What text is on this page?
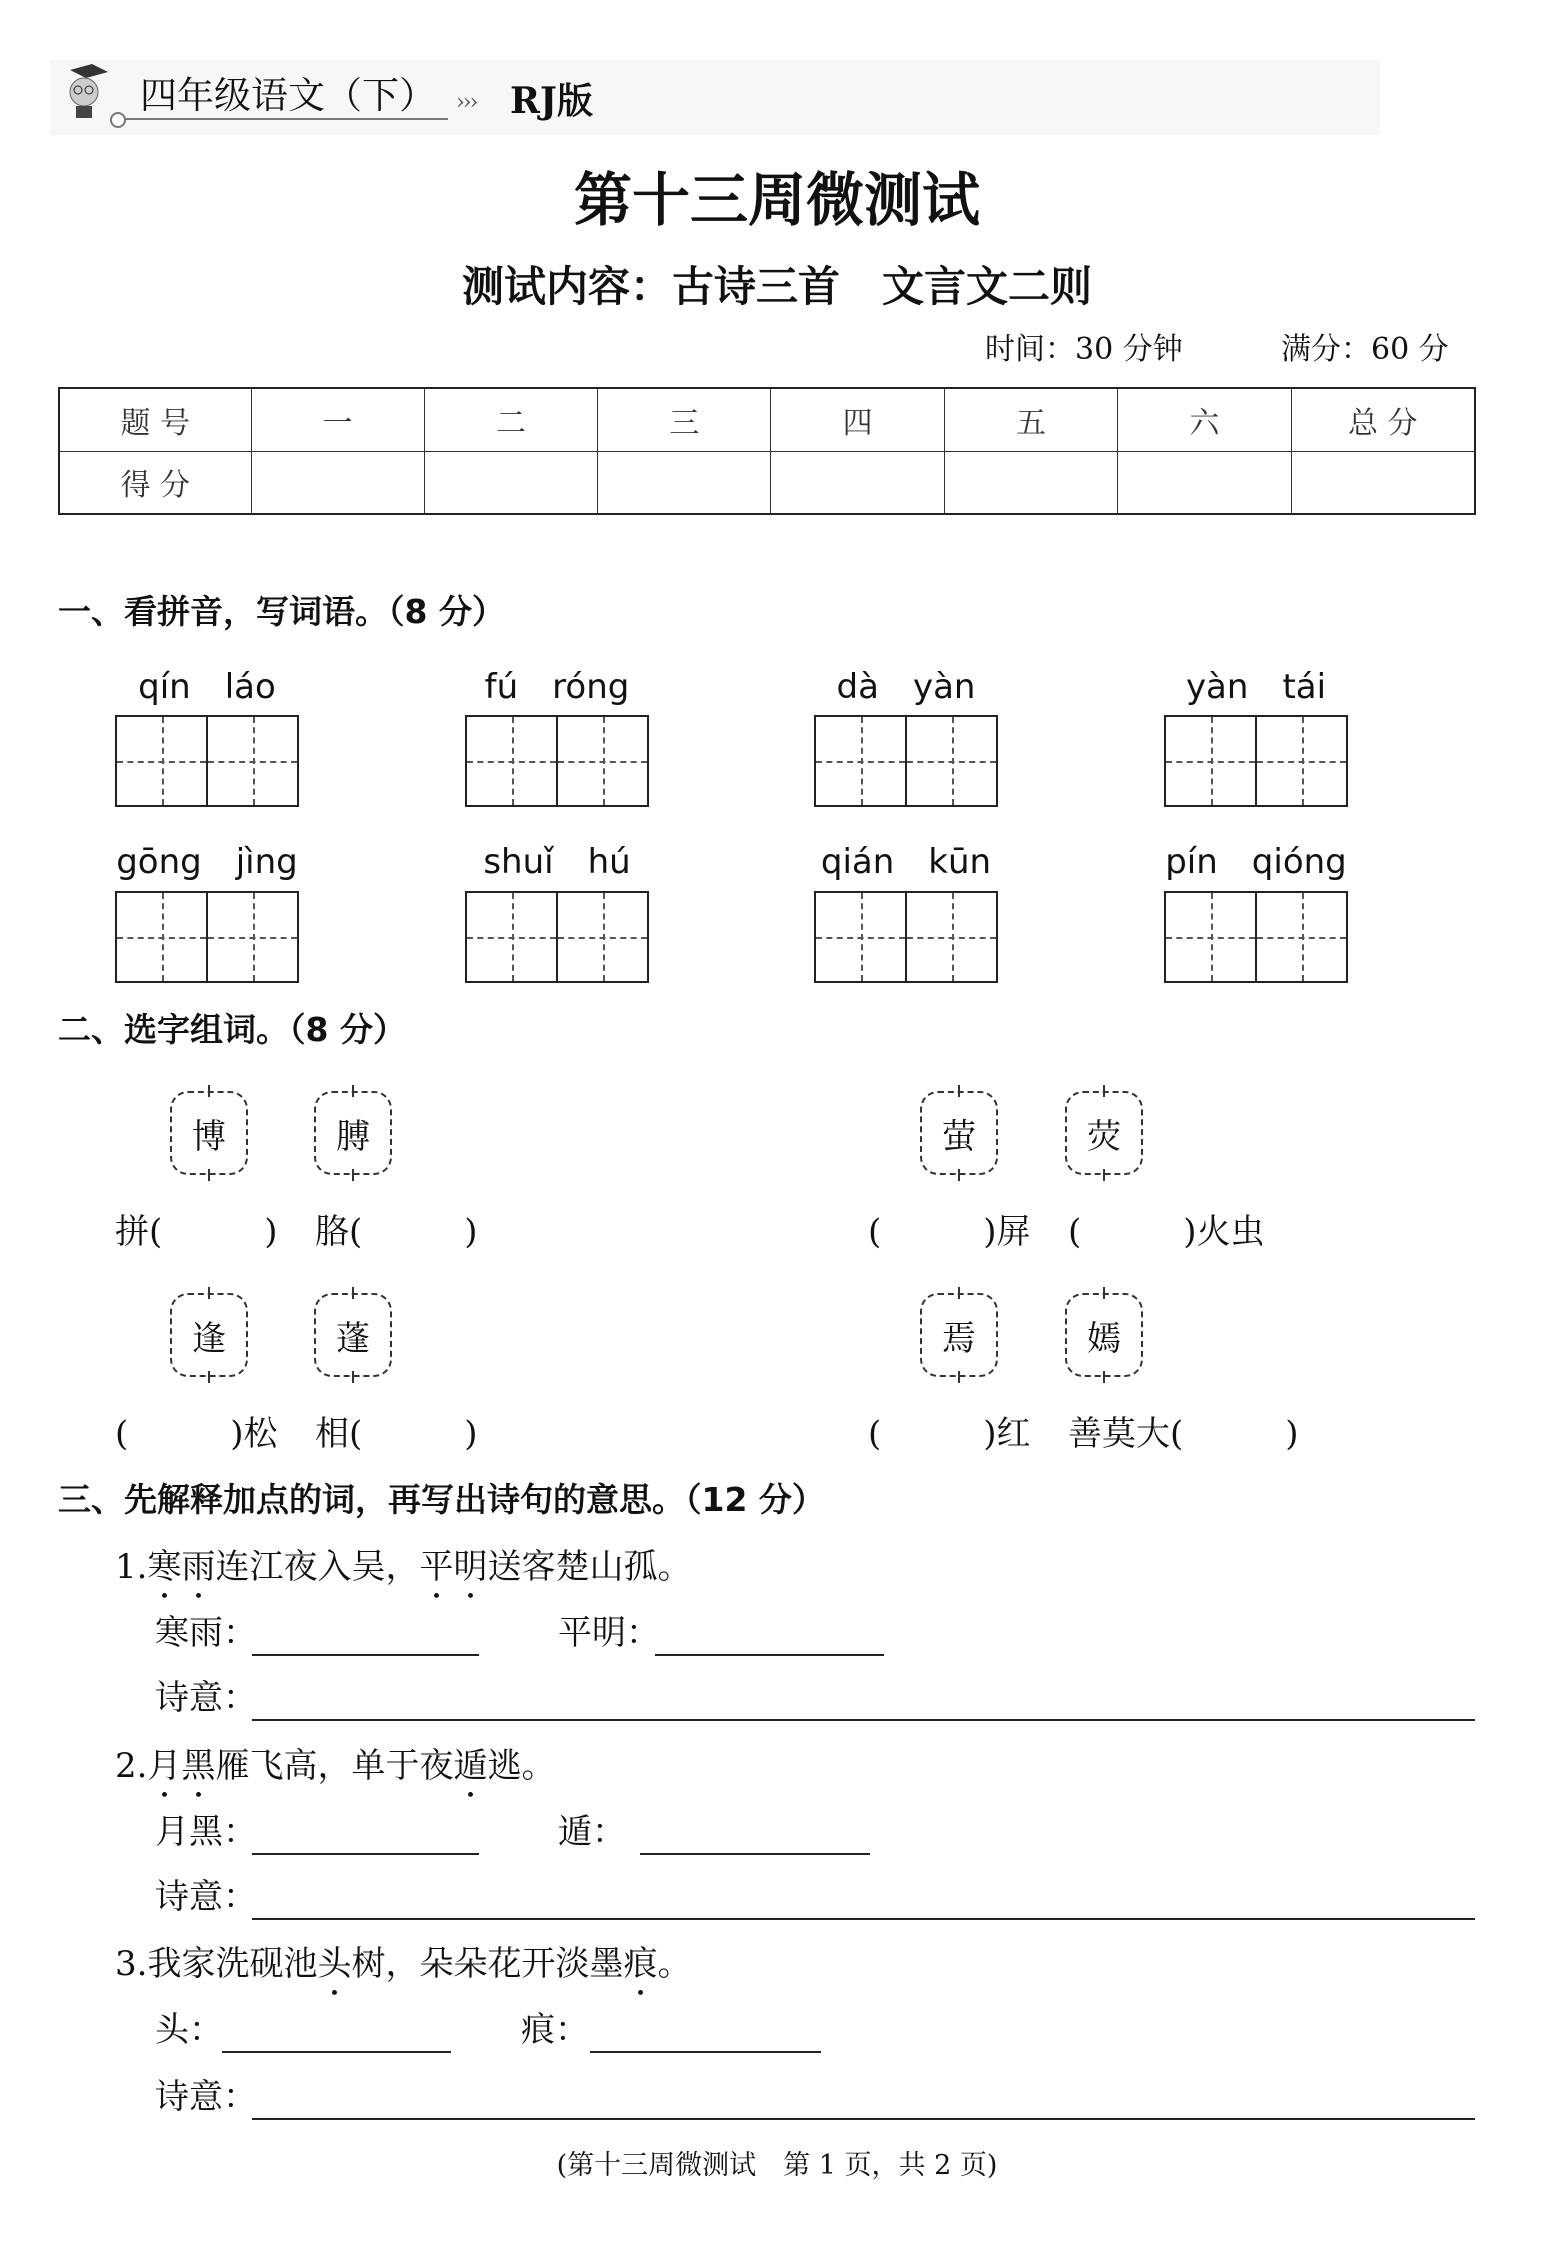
四年级语文（下） ››› RJ版
第十三周微测试
测试内容：古诗三首　文言文二则
时间：30 分钟	满分：60 分
题 号	一	二	三	四	五	六	总 分
得 分							
一、看拼音，写词语。（8 分）
qín　láo	fú　róng	dà　yàn	yàn　tái
gōng　jìng	shuǐ　hú	qián　kūn	pín　qióng
二、选字组词。（8 分）
博	膊	萤	荧
拼(　　　) 胳(　　　)	(　　　)屏 (　　　)火虫
逢	蓬	焉	嫣
(　　　)松 相(　　　)	(　　　)红 善莫大(　　　)
三、先解释加点的词，再写出诗句的意思。（12 分）
1.寒雨连江夜入吴，平明送客楚山孤。
寒雨：	平明：
诗意：
2.月黑雁飞高，单于夜遁逃。
月黑：	遁：
诗意：
3.我家洗砚池头树，朵朵花开淡墨痕。
头：	痕：
诗意：
(第十三周微测试　第 1 页，共 2 页)
